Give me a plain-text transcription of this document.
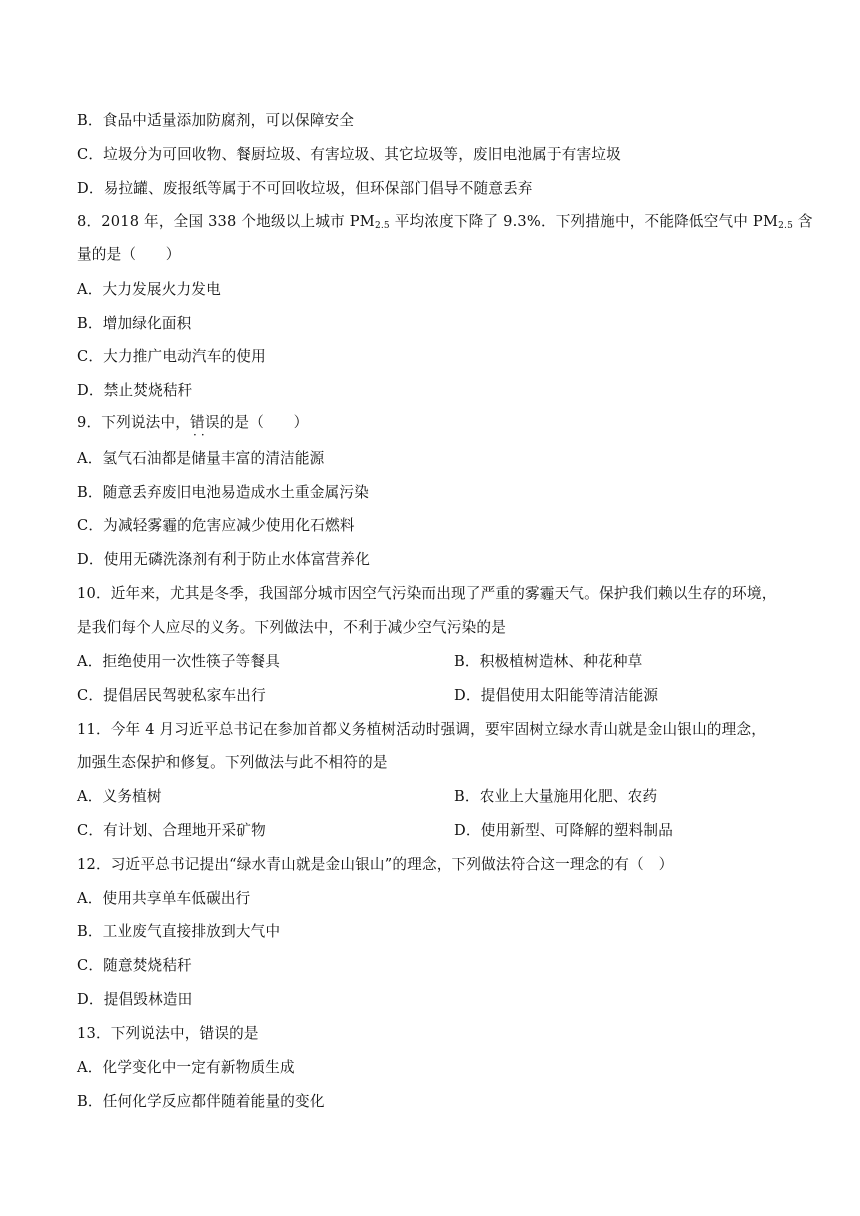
B．食品中适量添加防腐剂，可以保障安全
C．垃圾分为可回收物、餐厨垃圾、有害垃圾、其它垃圾等，废旧电池属于有害垃圾
D．易拉罐、废报纸等属于不可回收垃圾，但环保部门倡导不随意丢弃
8．2018 年，全国 338 个地级以上城市 $PM_{2.5}$ 平均浓度下降了 9.3%．下列措施中，不能降低空气中 $PM_{2.5}$ 含
量的是（　　）
A．大力发展火力发电
B．增加绿化面积
C．大力推广电动汽车的使用
D．禁止焚烧秸秆
9．下列说法中，错误 ··的是（　　）
A．氢气石油都是储量丰富的清洁能源
B．随意丢弃废旧电池易造成水土重金属污染
C．为减轻雾霾的危害应减少使用化石燃料
D．使用无磷洗涤剂有利于防止水体富营养化
10．近年来，尤其是冬季，我国部分城市因空气污染而出现了严重的雾霾天气。保护我们赖以生存的环境，
是我们每个人应尽的义务。下列做法中，不利于减少空气污染的是
A．拒绝使用一次性筷子等餐具	B．积极植树造林、种花种草
C．提倡居民驾驶私家车出行	D．提倡使用太阳能等清洁能源
11．今年 4 月习近平总书记在参加首都义务植树活动时强调，要牢固树立绿水青山就是金山银山的理念，
加强生态保护和修复。下列做法与此不相符的是
A．义务植树	B．农业上大量施用化肥、农药
C．有计划、合理地开采矿物	D．使用新型、可降解的塑料制品
12．习近平总书记提出“绿水青山就是金山银山”的理念，下列做法符合这一理念的有（　）
A．使用共享单车低碳出行
B．工业废气直接排放到大气中
C．随意焚烧秸秆
D．提倡毁林造田
13．下列说法中，错误的是
A．化学变化中一定有新物质生成
B．任何化学反应都伴随着能量的变化
